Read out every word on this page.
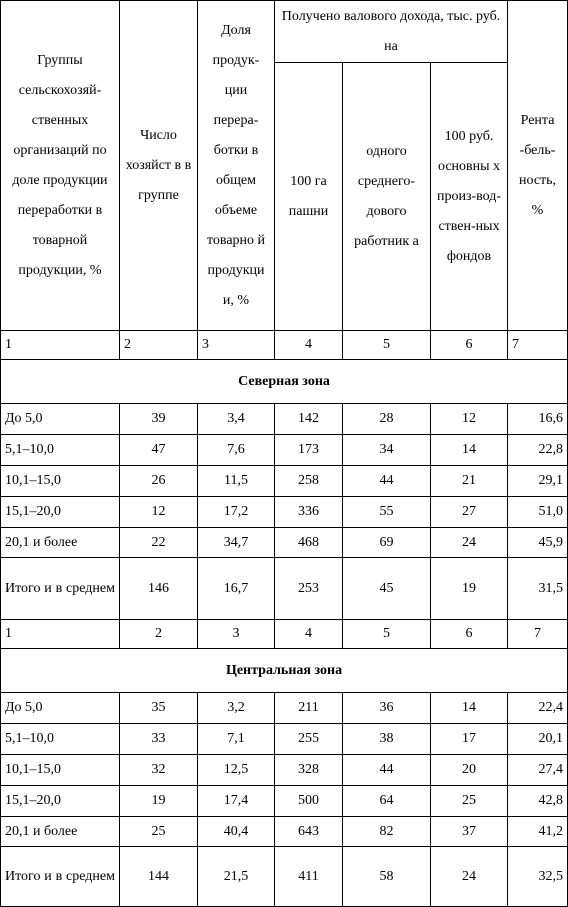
Группы сельскохозяй-ственных организаций по доле продукции переработки в товарной продукции, %	Число хозяйст в в группе	Доля продук-ции перера-ботки в общем объеме товарно й продукци и, %	Получено валового дохода, тыс. руб. на			Рента -бель-ность, %
			100 га пашни	одного среднего-дового работник а	100 руб. основны х произ-вод-ствен-ных фондов	
1	2	3	4	5	6	7
Северная зона						
До 5,0	39	3,4	142	28	12	16,6
5,1–10,0	47	7,6	173	34	14	22,8
10,1–15,0	26	11,5	258	44	21	29,1
15,1–20,0	12	17,2	336	55	27	51,0
20,1 и более	22	34,7	468	69	24	45,9
Итого и в среднем	146	16,7	253	45	19	31,5
1	2	3	4	5	6	7
Центральная зона						
До 5,0	35	3,2	211	36	14	22,4
5,1–10,0	33	7,1	255	38	17	20,1
10,1–15,0	32	12,5	328	44	20	27,4
15,1–20,0	19	17,4	500	64	25	42,8
20,1 и более	25	40,4	643	82	37	41,2
Итого и в среднем	144	21,5	411	58	24	32,5
